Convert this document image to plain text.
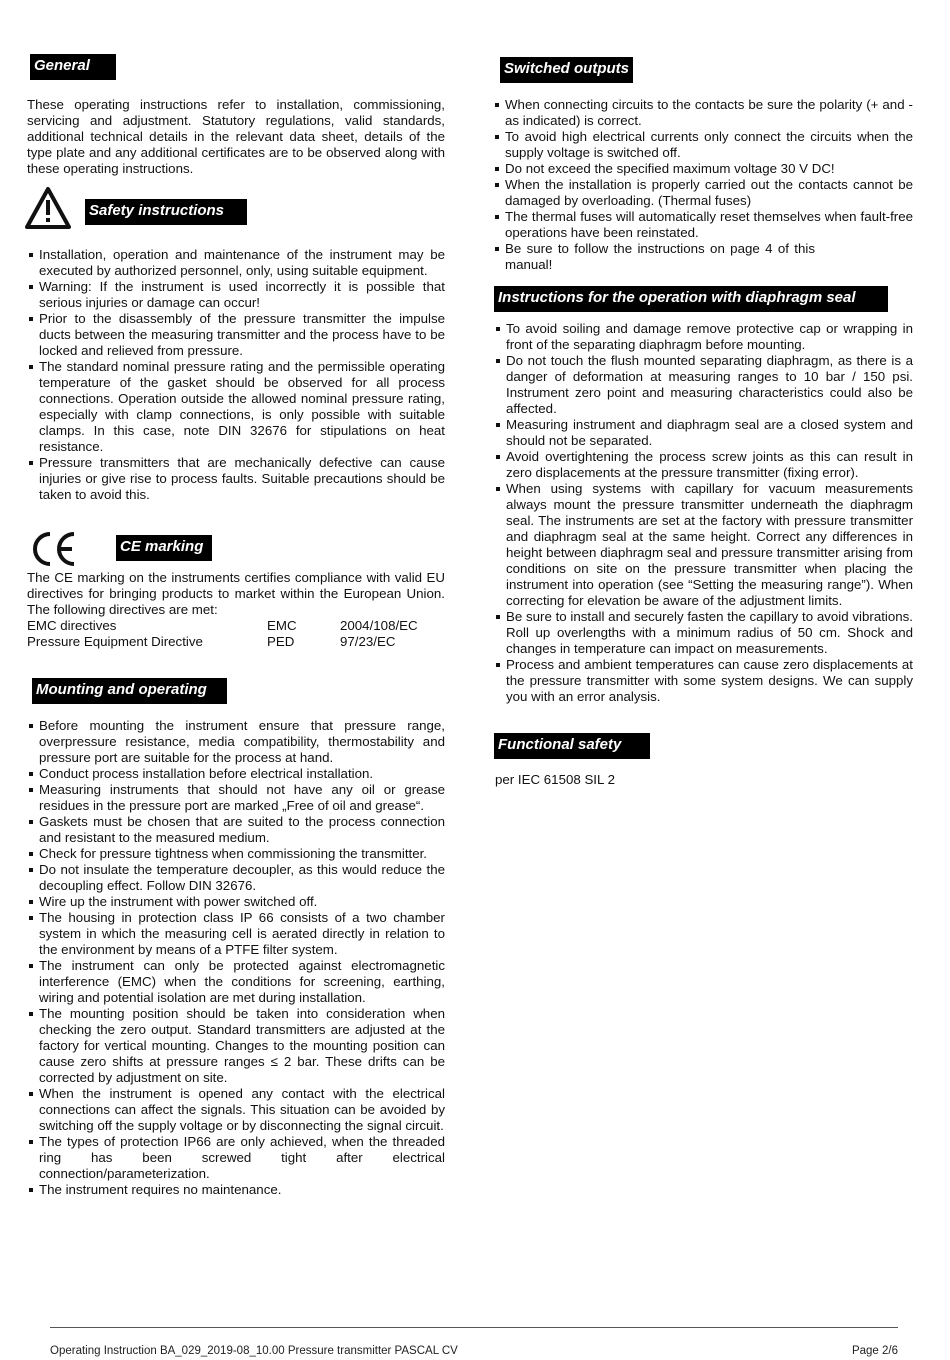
General

These operating instructions refer to installation, commissioning, servicing and adjustment. Statutory regulations, valid standards, additional technical details in the relevant data sheet, details of the type plate and any additional certificates are to be observed along with these operating instructions.

Safety instructions
Installation, operation and maintenance of the instrument may be executed by authorized personnel, only, using suitable equipment.
Warning: If the instrument is used incorrectly it is possible that serious injuries or damage can occur!
Prior to the disassembly of the pressure transmitter the impulse ducts between the measuring transmitter and the process have to be locked and relieved from pressure.
The standard nominal pressure rating and the permissible operating temperature of the gasket should be observed for all process connections. Operation outside the allowed nominal pressure rating, especially with clamp connections, is only possible with suitable clamps. In this case, note DIN 32676 for stipulations on heat resistance.
Pressure transmitters that are mechanically defective can cause injuries or give rise to process faults. Suitable precautions should be taken to avoid this.
CE marking

The CE marking on the instruments certifies compliance with valid EU directives for bringing products to market within the European Union. The following directives are met:

EMC directives	EMC	2004/108/EC
Pressure Equipment Directive	PED	97/23/EC
Mounting and operating
Before mounting the instrument ensure that pressure range, overpressure resistance, media compatibility, thermostability and pressure port are suitable for the process at hand.
Conduct process installation before electrical installation.
Measuring instruments that should not have any oil or grease residues in the pressure port are marked „Free of oil and grease“.
Gaskets must be chosen that are suited to the process connection and resistant to the measured medium.
Check for pressure tightness when commissioning the transmitter.
Do not insulate the temperature decoupler, as this would reduce the decoupling effect. Follow DIN 32676.
Wire up the instrument with power switched off.
The housing in protection class IP 66 consists of a two chamber system in which the measuring cell is aerated directly in relation to the environment by means of a PTFE filter system.
The instrument can only be protected against electromagnetic interference (EMC) when the conditions for screening, earthing, wiring and potential isolation are met during installation.
The mounting position should be taken into consideration when checking the zero output. Standard transmitters are adjusted at the factory for vertical mounting. Changes to the mounting position can cause zero shifts at pressure ranges ≤ 2 bar. These drifts can be corrected by adjustment on site.
When the instrument is opened any contact with the electrical connections can affect the signals. This situation can be avoided by switching off the supply voltage or by disconnecting the signal circuit.
The types of protection IP66 are only achieved, when the threaded ring has been screwed tight after electrical connection/parameterization.
The instrument requires no maintenance.
Switched outputs
When connecting circuits to the contacts be sure the polarity (+ and - as indicated) is correct.
To avoid high electrical currents only connect the circuits when the supply voltage is switched off.
Do not exceed the specified maximum voltage 30 V DC!
When the installation is properly carried out the contacts cannot be damaged by overloading. (Thermal fuses)
The thermal fuses will automatically reset themselves when fault-free operations have been reinstated.
Be sure to follow the instructions on page 4 of this manual!
Instructions for the operation with diaphragm seal
To avoid soiling and damage remove protective cap or wrapping in front of the separating diaphragm before mounting.
Do not touch the flush mounted separating diaphragm, as there is a danger of deformation at measuring ranges to 10 bar / 150 psi. Instrument zero point and measuring characteristics could also be affected.
Measuring instrument and diaphragm seal are a closed system and should not be separated.
Avoid overtightening the process screw joints as this can result in zero displacements at the pressure transmitter (fixing error).
When using systems with capillary for vacuum measurements always mount the pressure transmitter underneath the diaphragm seal. The instruments are set at the factory with pressure transmitter and diaphragm seal at the same height. Correct any differences in height between diaphragm seal and pressure transmitter arising from conditions on site on the pressure transmitter when placing the instrument into operation (see “Setting the measuring range”). When correcting for elevation be aware of the adjustment limits.
Be sure to install and securely fasten the capillary to avoid vibrations. Roll up overlengths with a minimum radius of 50 cm. Shock and changes in temperature can impact on measurements.
Process and ambient temperatures can cause zero displacements at the pressure transmitter with some system designs. We can supply you with an error analysis.
Functional safety

per IEC 61508 SIL 2

Operating Instruction BA_029_2019-08_10.00 Pressure transmitter PASCAL CV	Page 2/6
